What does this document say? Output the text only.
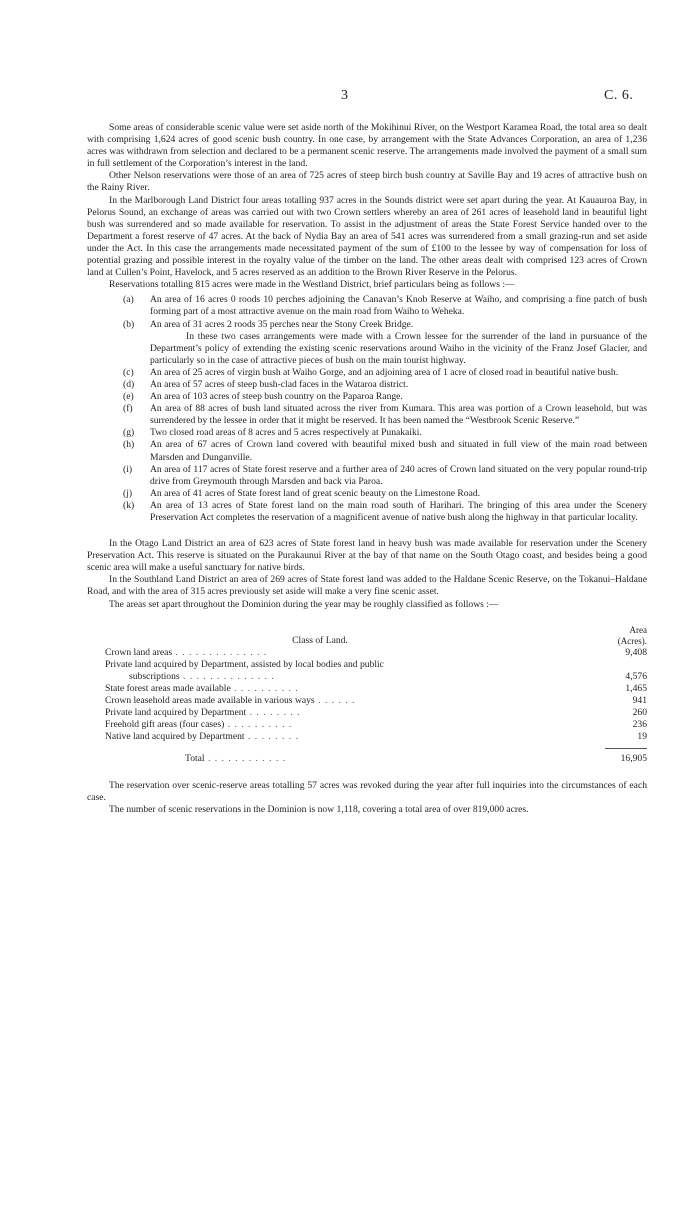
3	C. 6.

Some areas of considerable scenic value were set aside north of the Mokihinui River, on the Westport Karamea Road, the total area so dealt with comprising 1,624 acres of good scenic bush country. In one case, by arrangement with the State Advances Corporation, an area of 1,236 acres was withdrawn from selection and declared to be a permanent scenic reserve. The arrangements made involved the payment of a small sum in full settlement of the Corporation’s interest in the land.

Other Nelson reservations were those of an area of 725 acres of steep birch bush country at Saville Bay and 19 acres of attractive bush on the Rainy River.

In the Marlborough Land District four areas totalling 937 acres in the Sounds district were set apart during the year. At Kauauroa Bay, in Pelorus Sound, an exchange of areas was carried out with two Crown settlers whereby an area of 261 acres of leasehold land in beautiful light bush was surrendered and so made available for reservation. To assist in the adjustment of areas the State Forest Service handed over to the Department a forest reserve of 47 acres. At the back of Nydia Bay an area of 541 acres was surrendered from a small grazing-run and set aside under the Act. In this case the arrangements made necessitated payment of the sum of £100 to the lessee by way of compensation for loss of potential grazing and possible interest in the royalty value of the timber on the land. The other areas dealt with comprised 123 acres of Crown land at Cullen’s Point, Havelock, and 5 acres reserved as an addition to the Brown River Reserve in the Pelorus.

Reservations totalling 815 acres were made in the Westland District, brief particulars being as follows :—

(a) An area of 16 acres 0 roods 10 perches adjoining the Canavan’s Knob Reserve at Waiho, and comprising a fine patch of bush forming part of a most attractive avenue on the main road from Waiho to Weheka.
(b) An area of 31 acres 2 roods 35 perches near the Stony Creek Bridge.
In these two cases arrangements were made with a Crown lessee for the surrender of the land in pursuance of the Department’s policy of extending the existing scenic reservations around Waiho in the vicinity of the Franz Josef Glacier, and particularly so in the case of attractive pieces of bush on the main tourist highway.
(c) An area of 25 acres of virgin bush at Waiho Gorge, and an adjoining area of 1 acre of closed road in beautiful native bush.
(d) An area of 57 acres of steep bush-clad faces in the Wataroa district.
(e) An area of 103 acres of steep bush country on the Paparoa Range.
(f) An area of 88 acres of bush land situated across the river from Kumara. This area was portion of a Crown leasehold, but was surrendered by the lessee in order that it might be reserved. It has been named the “Westbrook Scenic Reserve.”
(g) Two closed road areas of 8 acres and 5 acres respectively at Punakaiki.
(h) An area of 67 acres of Crown land covered with beautiful mixed bush and situated in full view of the main road between Marsden and Dunganville.
(i) An area of 117 acres of State forest reserve and a further area of 240 acres of Crown land situated on the very popular round-trip drive from Greymouth through Marsden and back via Paroa.
(j) An area of 41 acres of State forest land of great scenic beauty on the Limestone Road.
(k) An area of 13 acres of State forest land on the main road south of Harihari. The bringing of this area under the Scenery Preservation Act completes the reservation of a magnificent avenue of native bush along the highway in that particular locality.

In the Otago Land District an area of 623 acres of State forest land in heavy bush was made available for reservation under the Scenery Preservation Act. This reserve is situated on the Purakaunui River at the bay of that name on the South Otago coast, and besides being a good scenic area will make a useful sanctuary for native birds.

In the Southland Land District an area of 269 acres of State forest land was added to the Haldane Scenic Reserve, on the Tokanui–Haldane Road, and with the area of 315 acres previously set aside will make a very fine scenic asset.

The areas set apart throughout the Dominion during the year may be roughly classified as follows :—

Class of Land.
Area
(Acres).
Crown land areas . . . . . . . . . . . . . .	9,408
Private land acquired by Department, assisted by local bodies and public
subscriptions . . . . . . . . . . . . . .	4,576
State forest areas made available . . . . . . . . . .	1,465
Crown leasehold areas made available in various ways . . . . . .	941
Private land acquired by Department . . . . . . . .	260
Freehold gift areas (four cases) . . . . . . . . . .	236
Native land acquired by Department . . . . . . . .	19
Total . . . . . . . . . . . .	16,905

The reservation over scenic-reserve areas totalling 57 acres was revoked during the year after full inquiries into the circumstances of each case.

The number of scenic reservations in the Dominion is now 1,118, covering a total area of over 819,000 acres.
